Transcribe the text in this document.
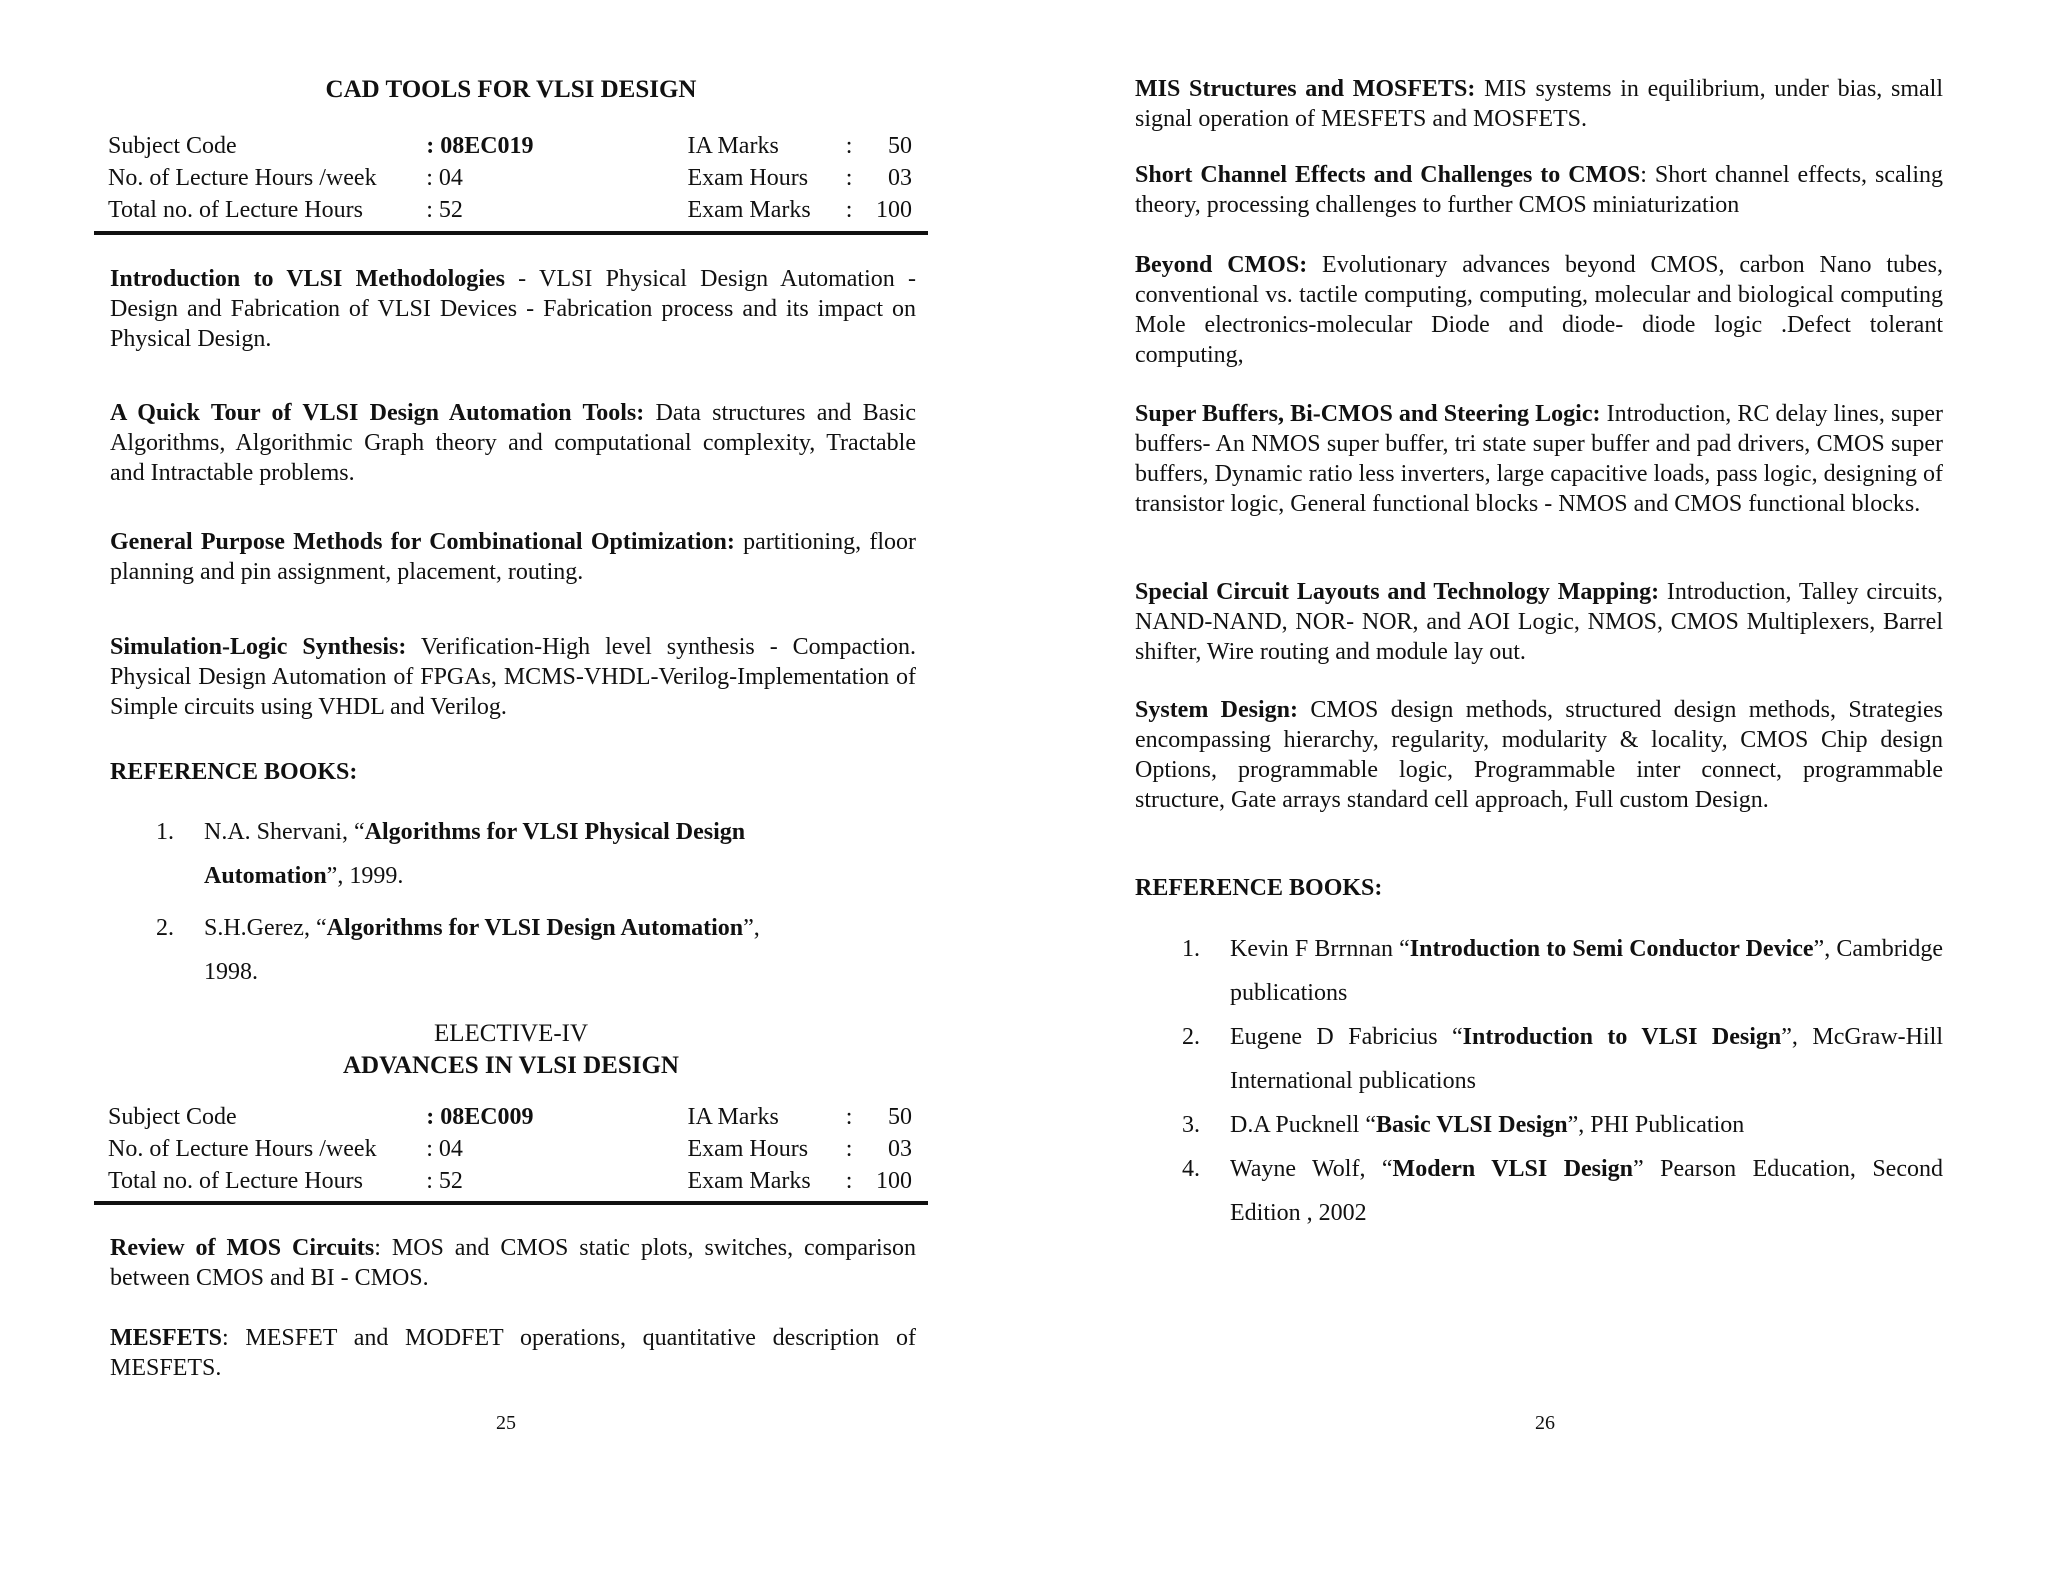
CAD TOOLS FOR VLSI DESIGN
Subject Code	: 08EC019	IA Marks	:	50
No. of Lecture Hours /week	: 04	Exam Hours	:	03
Total no. of Lecture Hours	: 52	Exam Marks	:	100
Introduction to VLSI Methodologies - VLSI Physical Design Automation - Design and Fabrication of VLSI Devices - Fabrication process and its impact on Physical Design.
A Quick Tour of VLSI Design Automation Tools: Data structures and Basic Algorithms, Algorithmic Graph theory and computational complexity, Tractable and Intractable problems.
General Purpose Methods for Combinational Optimization: partitioning, floor planning and pin assignment, placement, routing.
Simulation-Logic Synthesis: Verification-High level synthesis - Compaction. Physical Design Automation of FPGAs, MCMS-VHDL-Verilog-Implementation of Simple circuits using VHDL and Verilog.
REFERENCE BOOKS:
1. N.A. Shervani, “Algorithms for VLSI Physical Design Automation”, 1999.
2. S.H.Gerez, “Algorithms for VLSI Design Automation”, 1998.
ELECTIVE-IV
ADVANCES IN VLSI DESIGN
Subject Code	: 08EC009	IA Marks	:	50
No. of Lecture Hours /week	: 04	Exam Hours	:	03
Total no. of Lecture Hours	: 52	Exam Marks	:	100
Review of MOS Circuits: MOS and CMOS static plots, switches, comparison between CMOS and BI - CMOS.
MESFETS: MESFET and MODFET operations, quantitative description of MESFETS.
25
MIS Structures and MOSFETS: MIS systems in equilibrium, under bias, small signal operation of MESFETS and MOSFETS.
Short Channel Effects and Challenges to CMOS: Short channel effects, scaling theory, processing challenges to further CMOS miniaturization
Beyond CMOS: Evolutionary advances beyond CMOS, carbon Nano tubes, conventional vs. tactile computing, computing, molecular and biological computing Mole electronics-molecular Diode and diode- diode logic .Defect tolerant computing,
Super Buffers, Bi-CMOS and Steering Logic: Introduction, RC delay lines, super buffers- An NMOS super buffer, tri state super buffer and pad drivers, CMOS super buffers, Dynamic ratio less inverters, large capacitive loads, pass logic, designing of transistor logic, General functional blocks - NMOS and CMOS functional blocks.
Special Circuit Layouts and Technology Mapping: Introduction, Talley circuits, NAND-NAND, NOR- NOR, and AOI Logic, NMOS, CMOS Multiplexers, Barrel shifter, Wire routing and module lay out.
System Design: CMOS design methods, structured design methods, Strategies encompassing hierarchy, regularity, modularity & locality, CMOS Chip design Options, programmable logic, Programmable inter connect, programmable structure, Gate arrays standard cell approach, Full custom Design.
REFERENCE BOOKS:
1. Kevin F Brrnnan “Introduction to Semi Conductor Device”, Cambridge publications
2. Eugene D Fabricius “Introduction to VLSI Design”, McGraw-Hill International publications
3. D.A Pucknell “Basic VLSI Design”, PHI Publication
4. Wayne Wolf, “Modern VLSI Design” Pearson Education, Second Edition , 2002
26
